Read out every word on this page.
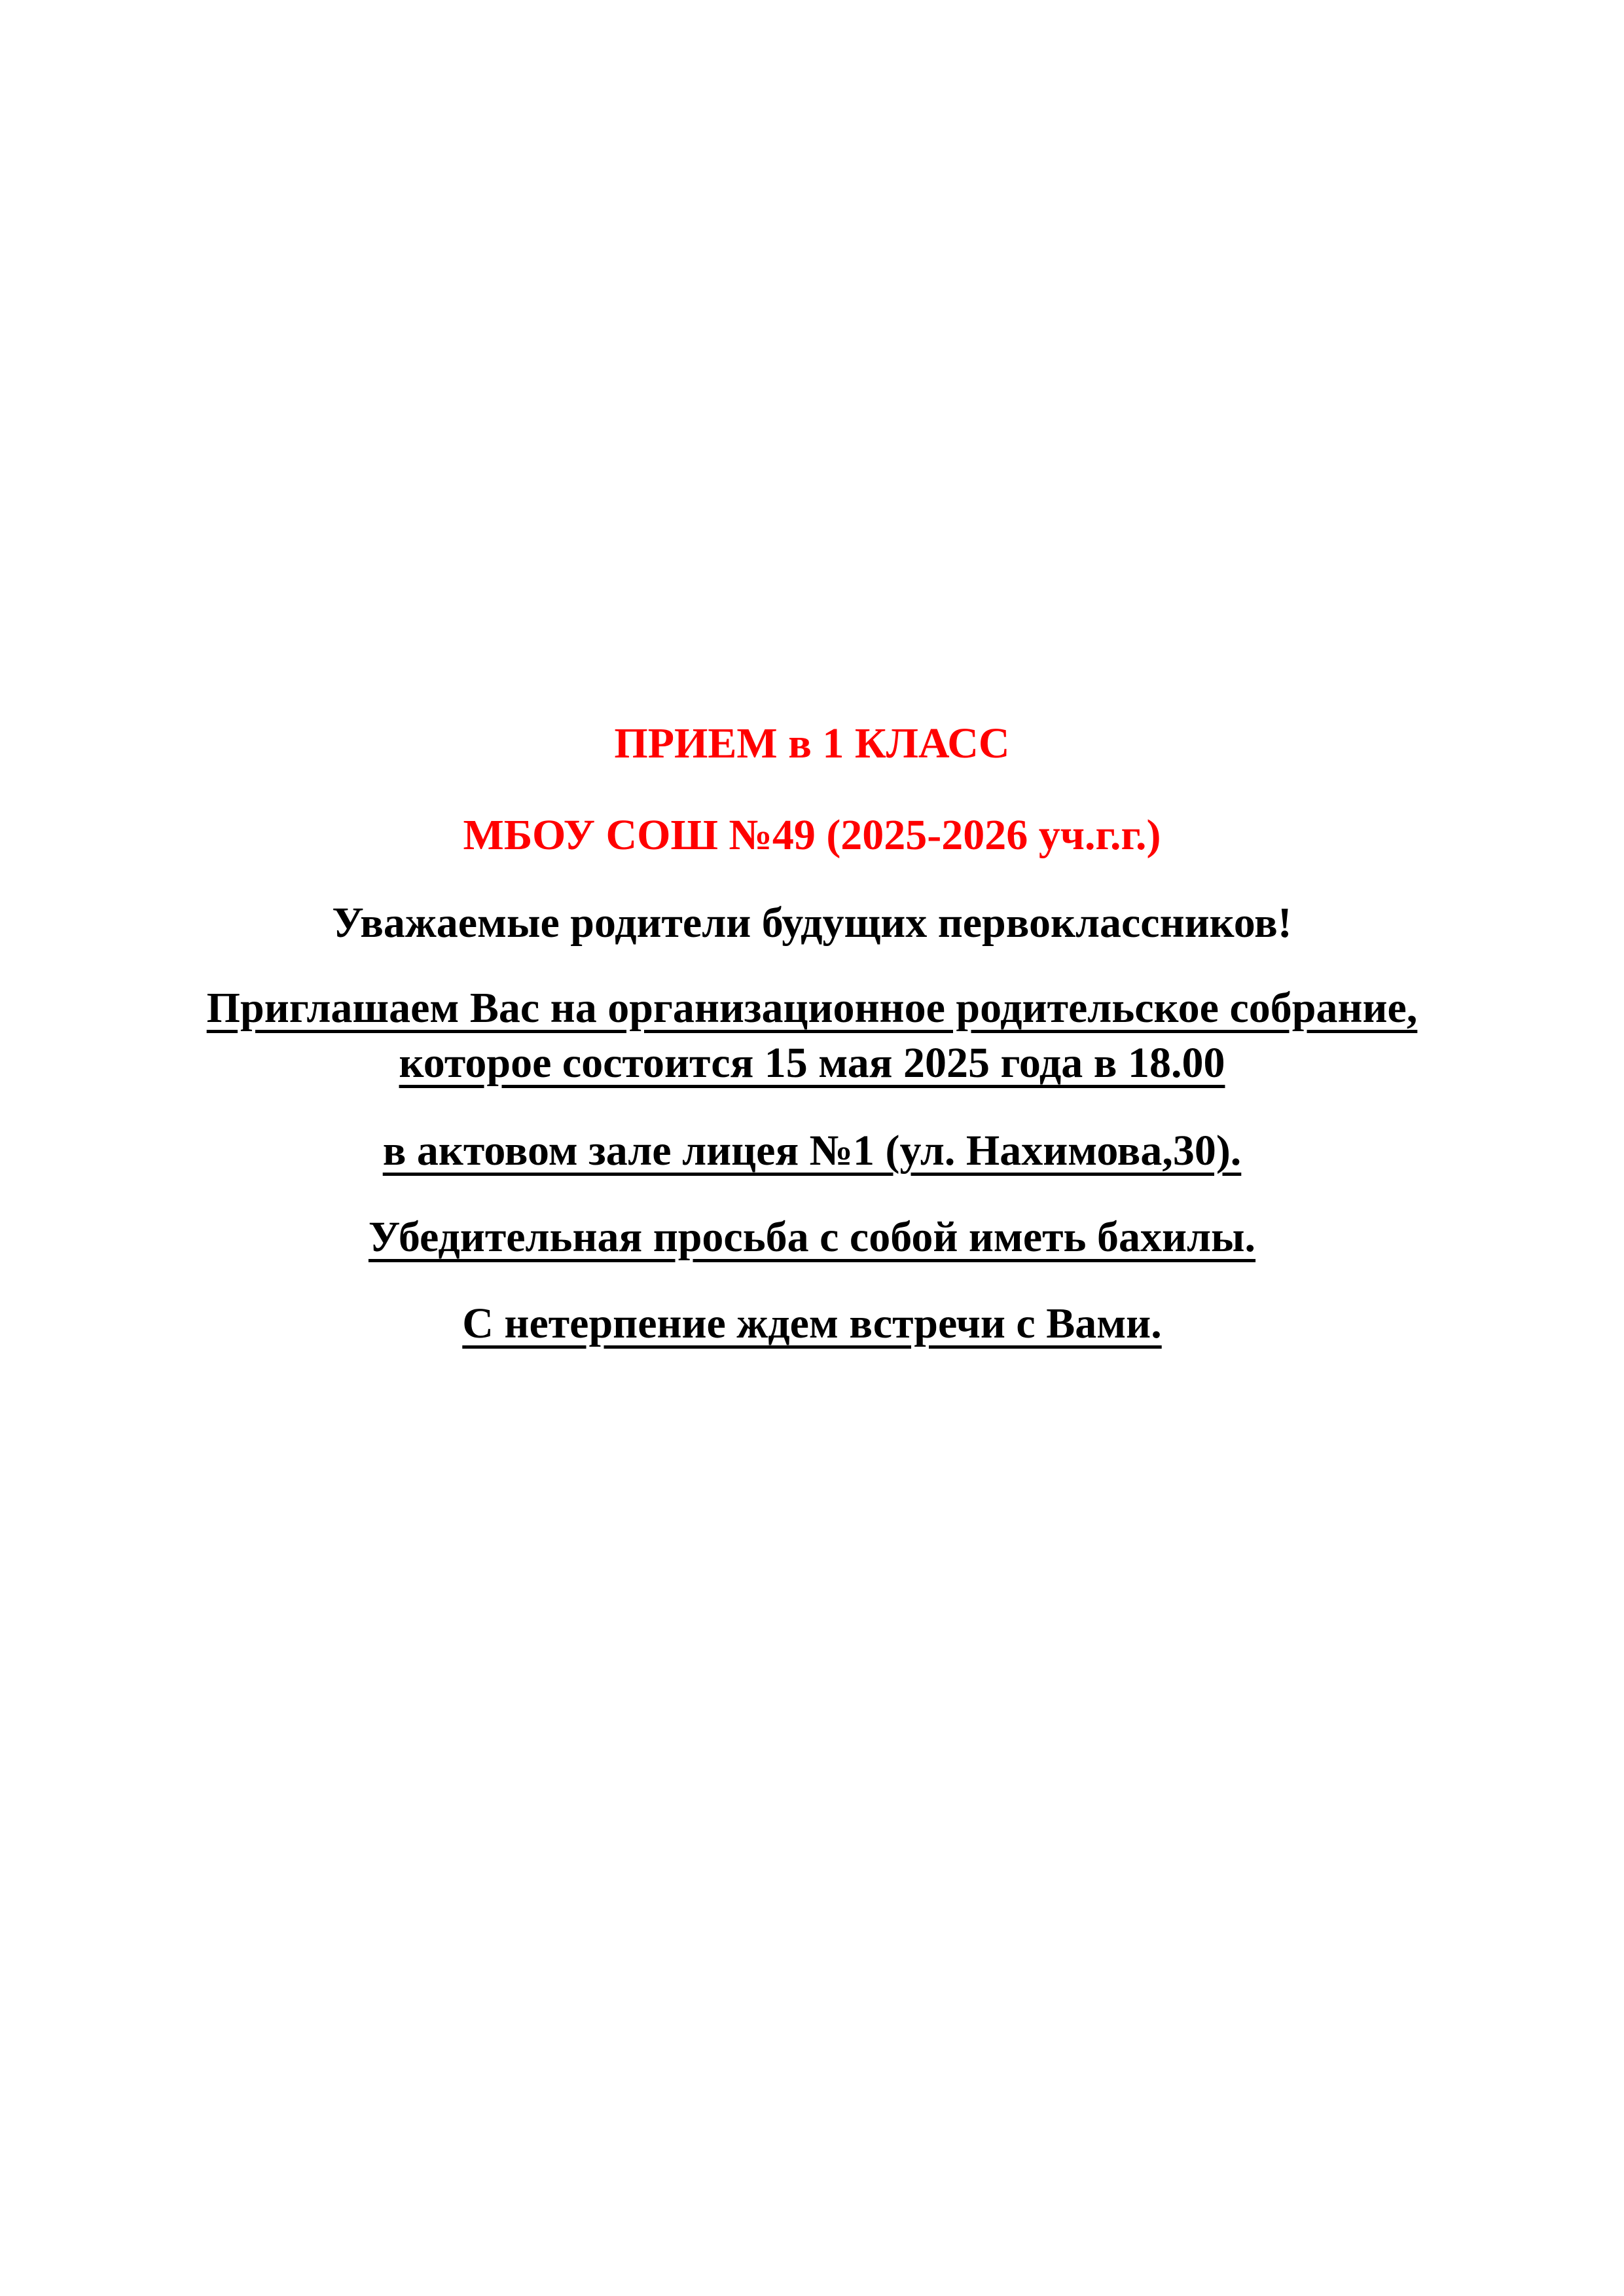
ПРИЕМ в 1 КЛАСС
МБОУ СОШ №49 (2025-2026 уч.г.г.)
Уважаемые родители будущих первоклассников!
Приглашаем Вас на организационное родительское собрание,
которое состоится 15 мая 2025 года в 18.00
в актовом зале лицея №1 (ул. Нахимова,30).
Убедительная просьба с собой иметь бахилы.
С нетерпение ждем встречи с Вами.
